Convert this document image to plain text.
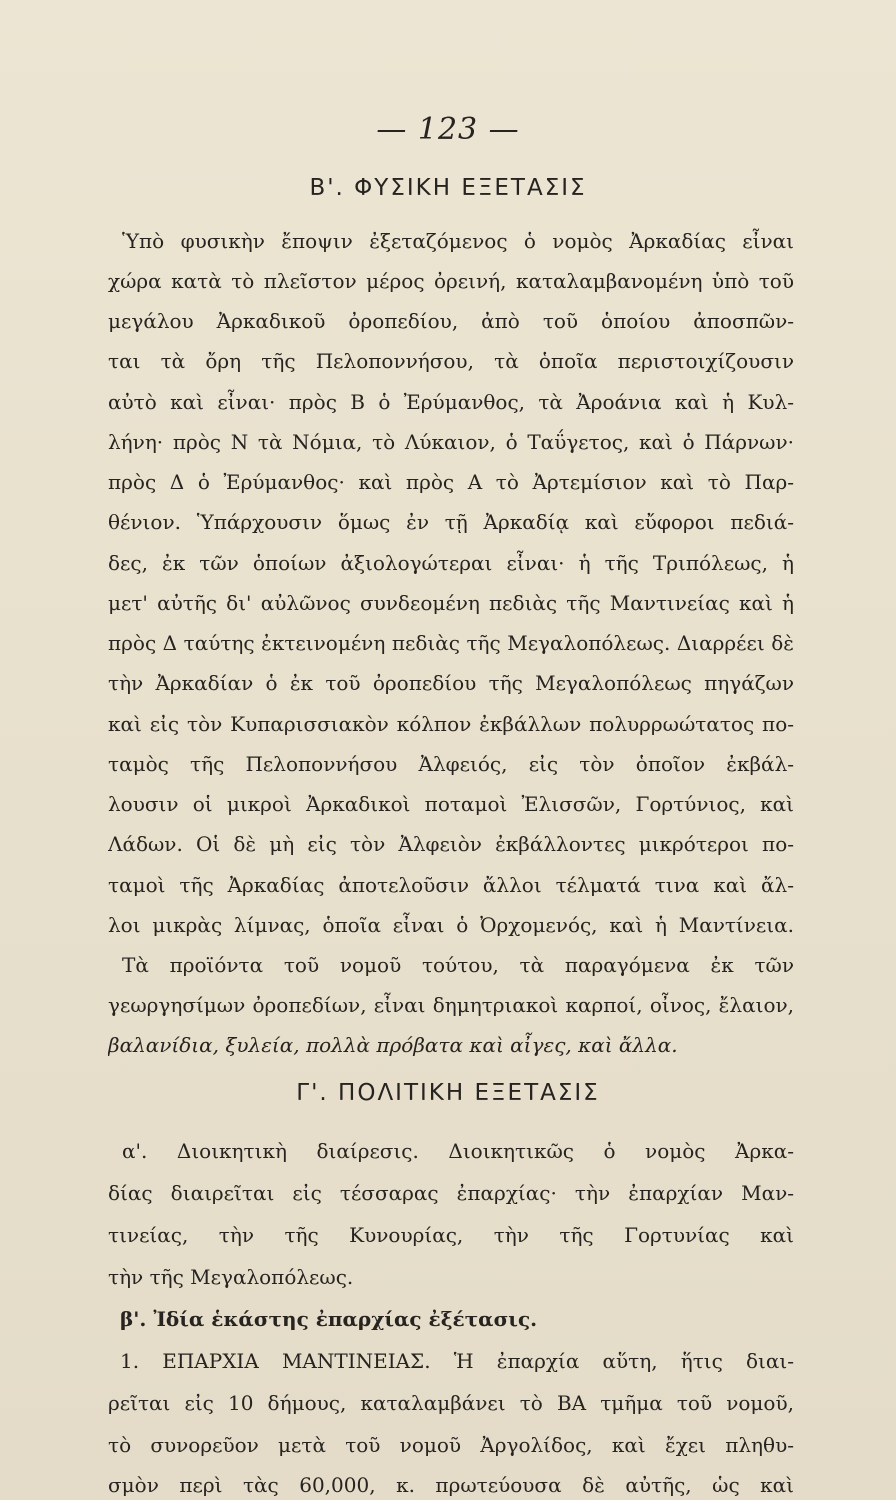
— 123 —
Β'. ΦΥΣΙΚΗ ΕΞΕΤΑΣΙΣ
Ὑπὸ φυσικὴν ἔποψιν ἐξεταζόμενος ὁ νομὸς Ἀρκαδίας εἶναι
χώρα κατὰ τὸ πλεῖστον μέρος ὀρεινή, καταλαμβανομένη ὑπὸ τοῦ
μεγάλου Ἀρκαδικοῦ ὀροπεδίου, ἀπὸ τοῦ ὁποίου ἀποσπῶν-
ται τὰ ὄρη τῆς Πελοποννήσου, τὰ ὁποῖα περιστοιχίζουσιν
αὐτὸ καὶ εἶναι· πρὸς Β ὁ Ἐρύμανθος, τὰ Ἀροάνια καὶ ἡ Κυλ-
λήνη· πρὸς Ν τὰ Νόμια, τὸ Λύκαιον, ὁ Ταΰγετος, καὶ ὁ Πάρνων·
πρὸς Δ ὁ Ἐρύμανθος· καὶ πρὸς Α τὸ Ἀρτεμίσιον καὶ τὸ Παρ-
θένιον. Ὑπάρχουσιν ὅμως ἐν τῇ Ἀρκαδίᾳ καὶ εὔφοροι πεδιά-
δες, ἐκ τῶν ὁποίων ἀξιολογώτεραι εἶναι· ἡ τῆς Τριπόλεως, ἡ
μετ' αὐτῆς δι' αὐλῶνος συνδεομένη πεδιὰς τῆς Μαντινείας καὶ ἡ
πρὸς Δ ταύτης ἐκτεινομένη πεδιὰς τῆς Μεγαλοπόλεως. Διαρρέει δὲ
τὴν Ἀρκαδίαν ὁ ἐκ τοῦ ὀροπεδίου τῆς Μεγαλοπόλεως πηγάζων
καὶ εἰς τὸν Κυπαρισσιακὸν κόλπον ἐκβάλλων πολυρρωώτατος πο-
ταμὸς τῆς Πελοποννήσου Ἀλφειός, εἰς τὸν ὁποῖον ἐκβάλ-
λουσιν οἱ μικροὶ Ἀρκαδικοὶ ποταμοὶ Ἐλισσῶν, Γορτύνιος, καὶ
Λάδων. Οἱ δὲ μὴ εἰς τὸν Ἀλφειὸν ἐκβάλλοντες μικρότεροι πο-
ταμοὶ τῆς Ἀρκαδίας ἀποτελοῦσιν ἄλλοι τέλματά τινα καὶ ἄλ-
λοι μικρὰς λίμνας, ὁποῖα εἶναι ὁ Ὀρχομενός, καὶ ἡ Μαντίνεια.
Τὰ προϊόντα τοῦ νομοῦ τούτου, τὰ παραγόμενα ἐκ τῶν
γεωργησίμων ὀροπεδίων, εἶναι δημητριακοὶ καρποί, οἶνος, ἔλαιον,
βαλανίδια, ξυλεία, πολλὰ πρόβατα καὶ αἶγες, καὶ ἄλλα.
Γ'. ΠΟΛΙΤΙΚΗ ΕΞΕΤΑΣΙΣ
α'. Διοικητικὴ διαίρεσις. Διοικητικῶς ὁ νομὸς Ἀρκα-
δίας διαιρεῖται εἰς τέσσαρας ἐπαρχίας· τὴν ἐπαρχίαν Μαν-
τινείας, τὴν τῆς Κυνουρίας, τὴν τῆς Γορτυνίας καὶ
τὴν τῆς Μεγαλοπόλεως.
β'. Ἰδία ἑκάστης ἐπαρχίας ἐξέτασις.
1. ΕΠΑΡΧΙΑ ΜΑΝΤΙΝΕΙΑΣ. Ἡ ἐπαρχία αὕτη, ἥτις διαι-
ρεῖται εἰς 10 δήμους, καταλαμβάνει τὸ ΒΑ τμῆμα τοῦ νομοῦ,
τὸ συνορεῦον μετὰ τοῦ νομοῦ Ἀργολίδος, καὶ ἔχει πληθυ-
σμὸν περὶ τὰς 60,000, κ. πρωτεύουσα δὲ αὐτῆς, ὡς καὶ
